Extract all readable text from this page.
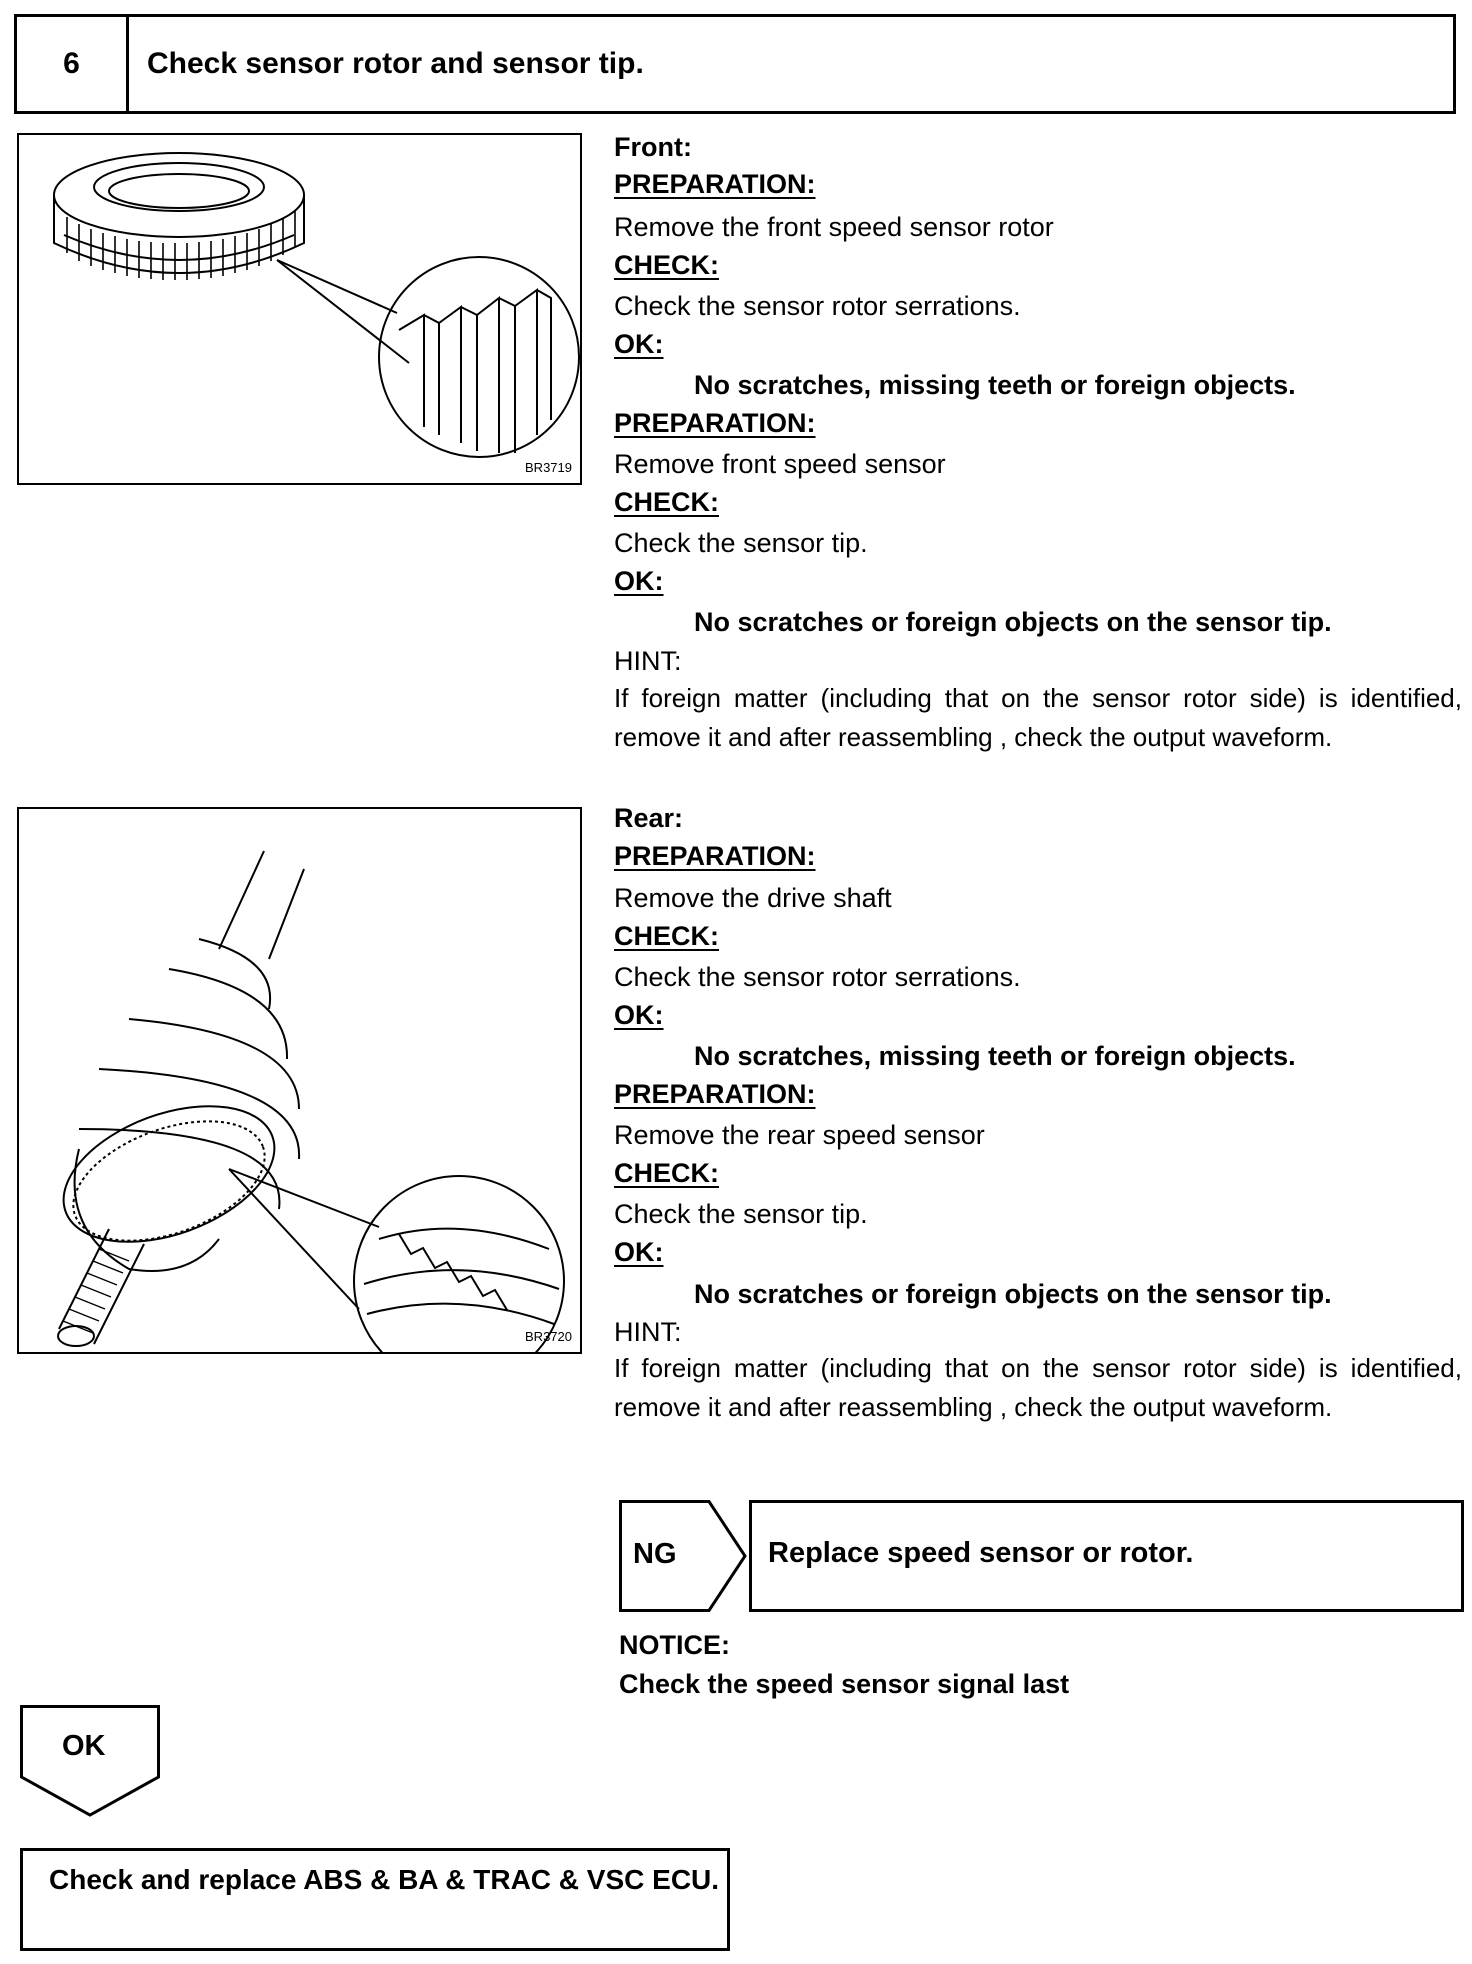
6	Check sensor rotor and sensor tip.
BR3719
BR3720
Front:
PREPARATION:
Remove the front speed sensor rotor
CHECK:
Check the sensor rotor serrations.
OK:
No scratches, missing teeth or foreign objects.
PREPARATION:
Remove front speed sensor
CHECK:
Check the sensor tip.
OK:
No scratches or foreign objects on the sensor tip.
HINT:
If foreign matter (including that on the sensor rotor side) is identified, remove it and after reassembling , check the output waveform.
Rear:
PREPARATION:
Remove the drive shaft
CHECK:
Check the sensor rotor serrations.
OK:
No scratches, missing teeth or foreign objects.
PREPARATION:
Remove the rear speed sensor
CHECK:
Check the sensor tip.
OK:
No scratches or foreign objects on the sensor tip.
HINT:
If foreign matter (including that on the sensor rotor side) is identified, remove it and after reassembling , check the output waveform.
NG	Replace speed sensor or rotor.
NOTICE:
Check the speed sensor signal last
OK
Check and replace ABS & BA & TRAC & VSC ECU.
